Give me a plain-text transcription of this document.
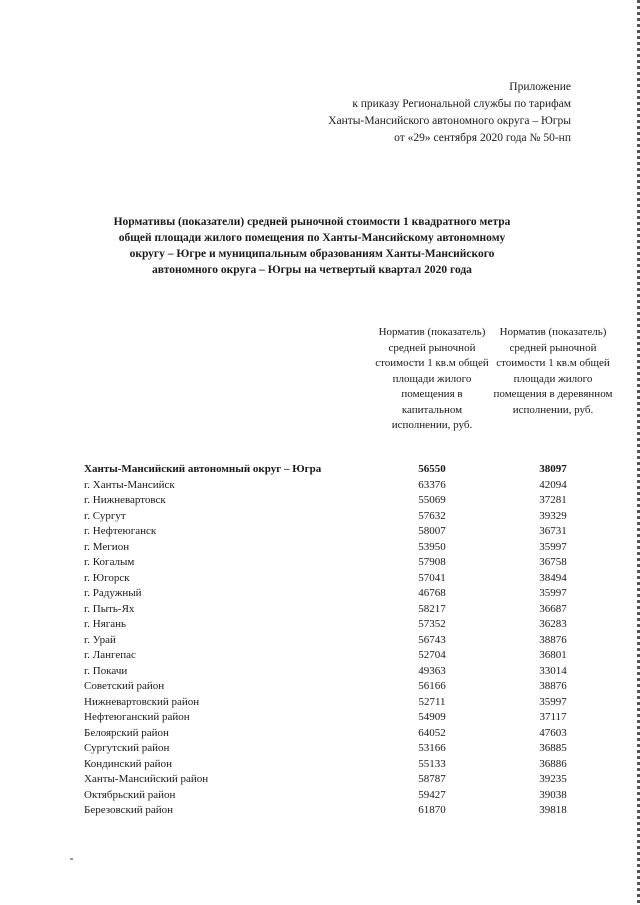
Приложение
к приказу Региональной службы по тарифам
Ханты-Мансийского автономного округа – Югры
от «29» сентября 2020 года № 50-нп
Нормативы (показатели) средней рыночной стоимости 1 квадратного метра
общей площади жилого помещения по Ханты-Мансийскому автономному
округу – Югре и муниципальным образованиям Ханты-Мансийского
автономного округа – Югры на четвертый квартал 2020 года
Норматив (показатель) средней рыночной стоимости 1 кв.м общей площади жилого помещения в капитальном исполнении, руб.
Норматив (показатель) средней рыночной стоимости 1 кв.м общей площади жилого помещения в деревянном исполнении, руб.
Ханты-Мансийский автономный округ – Югра	56550	38097
г. Ханты-Мансийск	63376	42094
г. Нижневартовск	55069	37281
г. Сургут	57632	39329
г. Нефтеюганск	58007	36731
г. Мегион	53950	35997
г. Когалым	57908	36758
г. Югорск	57041	38494
г. Радужный	46768	35997
г. Пыть-Ях	58217	36687
г. Нягань	57352	36283
г. Урай	56743	38876
г. Лангепас	52704	36801
г. Покачи	49363	33014
Советский район	56166	38876
Нижневартовский район	52711	35997
Нефтеюганский район	54909	37117
Белоярский район	64052	47603
Сургутский район	53166	36885
Кондинский район	55133	36886
Ханты-Мансийский район	58787	39235
Октябрьский район	59427	39038
Березовский район	61870	39818
